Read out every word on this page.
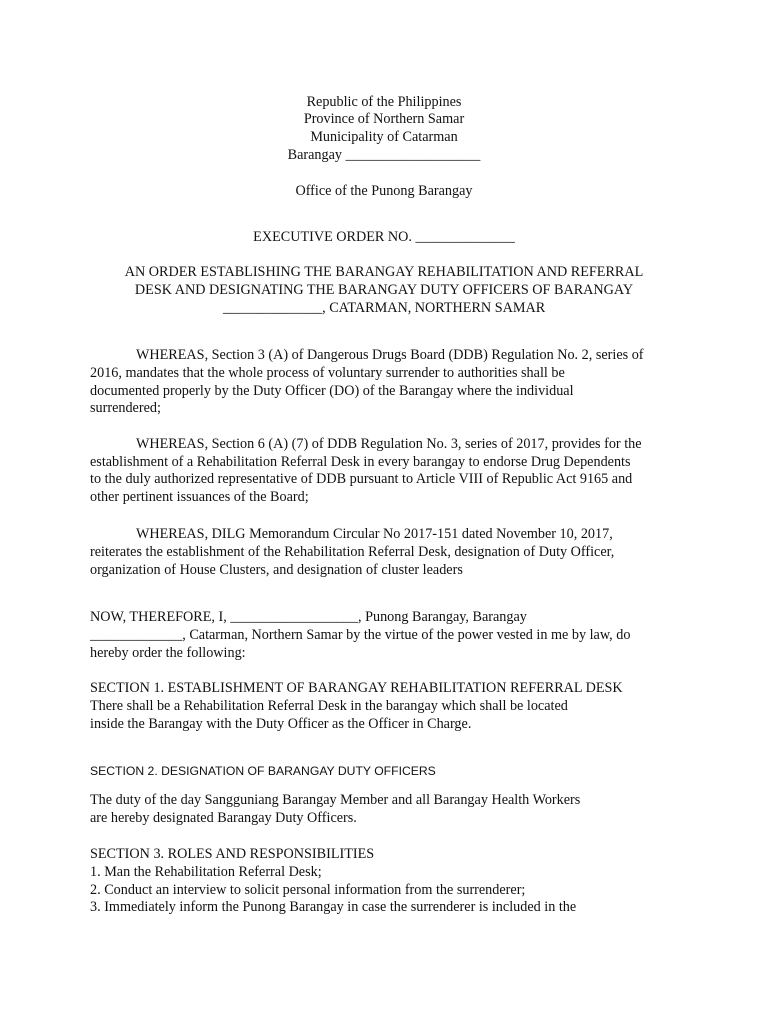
Republic of the Philippines
Province of Northern Samar
Municipality of Catarman
Barangay ___________________
Office of the Punong Barangay
EXECUTIVE ORDER NO. ______________
AN ORDER ESTABLISHING THE BARANGAY REHABILITATION AND REFERRAL
DESK AND DESIGNATING THE BARANGAY DUTY OFFICERS OF BARANGAY
______________, CATARMAN, NORTHERN SAMAR
WHEREAS, Section 3 (A) of Dangerous Drugs Board (DDB) Regulation No. 2, series of
2016, mandates that the whole process of voluntary surrender to authorities shall be
documented properly by the Duty Officer (DO) of the Barangay where the individual
surrendered;
WHEREAS, Section 6 (A) (7) of DDB Regulation No. 3, series of 2017, provides for the
establishment of a Rehabilitation Referral Desk in every barangay to endorse Drug Dependents
to the duly authorized representative of DDB pursuant to Article VIII of Republic Act 9165 and
other pertinent issuances of the Board;
WHEREAS, DILG Memorandum Circular No 2017-151 dated November 10, 2017,
reiterates the establishment of the Rehabilitation Referral Desk, designation of Duty Officer,
organization of House Clusters, and designation of cluster leaders
NOW, THEREFORE, I, __________________, Punong Barangay, Barangay
_____________, Catarman, Northern Samar by the virtue of the power vested in me by law, do
hereby order the following:
SECTION 1. ESTABLISHMENT OF BARANGAY REHABILITATION REFERRAL DESK
There shall be a Rehabilitation Referral Desk in the barangay which shall be located
inside the Barangay with the Duty Officer as the Officer in Charge.
SECTION 2. DESIGNATION OF BARANGAY DUTY OFFICERS
The duty of the day Sangguniang Barangay Member and all Barangay Health Workers
are hereby designated Barangay Duty Officers.
SECTION 3. ROLES AND RESPONSIBILITIES
1. Man the Rehabilitation Referral Desk;
2. Conduct an interview to solicit personal information from the surrenderer;
3. Immediately inform the Punong Barangay in case the surrenderer is included in the
